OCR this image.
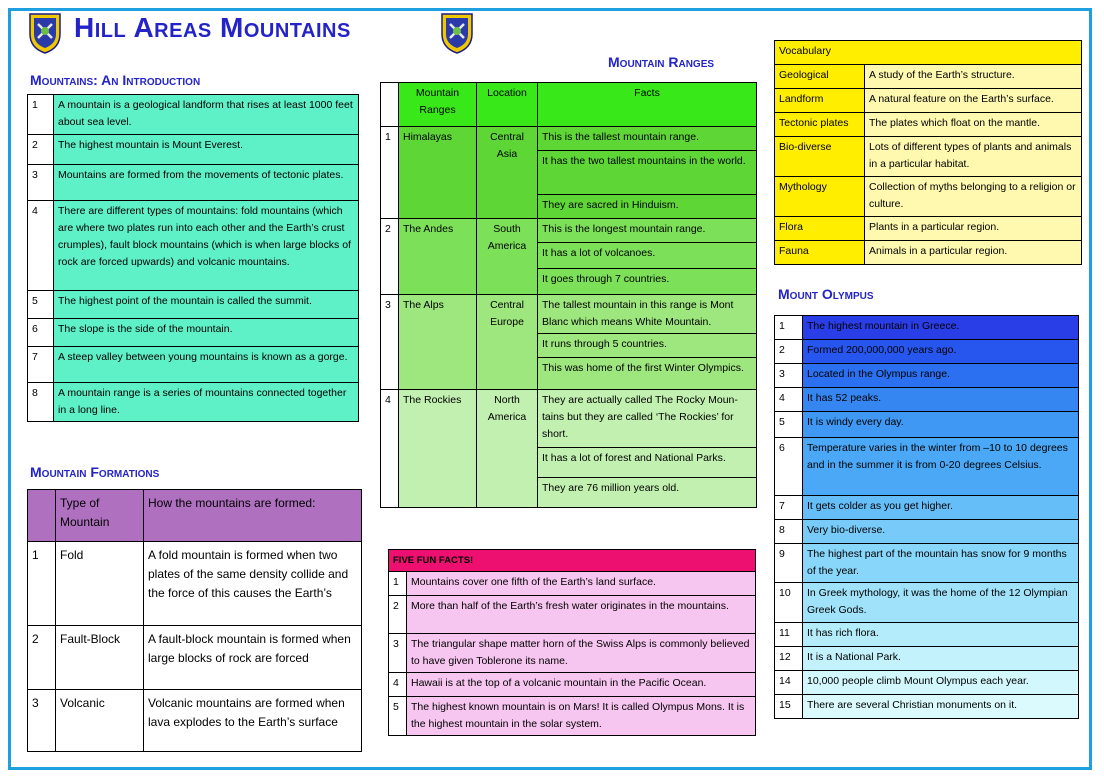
Hill Areas Mountains
Mountains: An Introduction
1	A mountain is a geological landform that rises at least 1000 feet about sea level.
2	The highest mountain is Mount Everest.
3	Mountains are formed from the movements of tectonic plates.
4	There are different types of mountains: fold mountains (which are where two plates run into each other and the Earth’s crust crumples), fault block mountains (which is when large blocks of rock are forced upwards) and volcanic mountains.
5	The highest point of the mountain is called the summit.
6	The slope is the side of the mountain.
7	A steep valley between young mountains is known as a gorge.
8	A mountain range is a series of mountains connected together in a long line.
Mountain Formations
	Type of Mountain	How the mountains are formed:
1	Fold	A fold mountain is formed when two plates of the same density collide and the force of this causes the Earth’s
2	Fault-Block	A fault-block mountain is formed when large blocks of rock are forced
3	Volcanic	Volcanic mountains are formed when lava explodes to the Earth’s surface
Mountain Ranges
	Mountain Ranges	Location	Facts
1	Himalayas	Central Asia	This is the tallest mountain range.
			It has the two tallest mountains in the world.
			They are sacred in Hinduism.
2	The Andes	South America	This is the longest mountain range.
			It has a lot of volcanoes.
			It goes through 7 countries.
3	The Alps	Central Europe	The tallest mountain in this range is Mont Blanc which means White Mountain.
			It runs through 5 countries.
			This was home of the first Winter Olympics.
4	The Rockies	North America	They are actually called The Rocky Mountains but they are called ‘The Rockies’ for short.
			It has a lot of forest and National Parks.
			They are 76 million years old.
FIVE FUN FACTS!	
1	Mountains cover one fifth of the Earth’s land surface.
2	More than half of the Earth’s fresh water originates in the mountains.
3	The triangular shape matter horn of the Swiss Alps is commonly believed to have given Toblerone its name.
4	Hawaii is at the top of a volcanic mountain in the Pacific Ocean.
5	The highest known mountain is on Mars! It is called Olympus Mons. It is the highest mountain in the solar system.
Vocabulary	
Geological	A study of the Earth’s structure.
Landform	A natural feature on the Earth’s surface.
Tectonic plates	The plates which float on the mantle.
Bio-diverse	Lots of different types of plants and animals in a particular habitat.
Mythology	Collection of myths belonging to a religion or culture.
Flora	Plants in a particular region.
Fauna	Animals in a particular region.
Mount Olympus
1	The highest mountain in Greece.
2	Formed 200,000,000 years ago.
3	Located in the Olympus range.
4	It has 52 peaks.
5	It is windy every day.
6	Temperature varies in the winter from –10 to 10 degrees and in the summer it is from 0-20 degrees Celsius.
7	It gets colder as you get higher.
8	Very bio-diverse.
9	The highest part of the mountain has snow for 9 months of the year.
10	In Greek mythology, it was the home of the 12 Olympian Greek Gods.
11	It has rich flora.
12	It is a National Park.
14	10,000 people climb Mount Olympus each year.
15	There are several Christian monuments on it.
